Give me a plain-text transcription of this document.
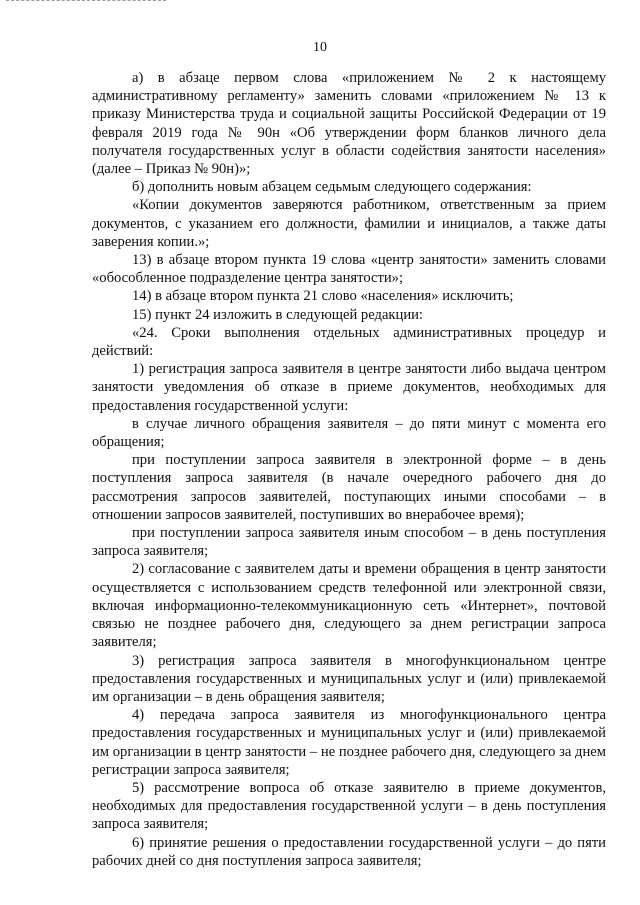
10

а) в абзаце первом слова «приложением № 2 к настоящему административному регламенту» заменить словами «приложением № 13 к приказу Министерства труда и социальной защиты Российской Федерации от 19 февраля 2019 года № 90н «Об утверждении форм бланков личного дела получателя государственных услуг в области содействия занятости населения» (далее – Приказ № 90н)»;

б) дополнить новым абзацем седьмым следующего содержания:

«Копии документов заверяются работником, ответственным за прием документов, с указанием его должности, фамилии и инициалов, а также даты заверения копии.»;

13) в абзаце втором пункта 19 слова «центр занятости» заменить словами «обособленное подразделение центра занятости»;

14) в абзаце втором пункта 21 слово «населения» исключить;

15) пункт 24 изложить в следующей редакции:

«24. Сроки выполнения отдельных административных процедур и действий:

1) регистрация запроса заявителя в центре занятости либо выдача центром занятости уведомления об отказе в приеме документов, необходимых для предоставления государственной услуги:

в случае личного обращения заявителя – до пяти минут с момента его обращения;

при поступлении запроса заявителя в электронной форме – в день поступления запроса заявителя (в начале очередного рабочего дня до рассмотрения запросов заявителей, поступающих иными способами – в отношении запросов заявителей, поступивших во внерабочее время);

при поступлении запроса заявителя иным способом – в день поступления запроса заявителя;

2) согласование с заявителем даты и времени обращения в центр занятости осуществляется с использованием средств телефонной или электронной связи, включая информационно-телекоммуникационную сеть «Интернет», почтовой связью не позднее рабочего дня, следующего за днем регистрации запроса заявителя;

3) регистрация запроса заявителя в многофункциональном центре предоставления государственных и муниципальных услуг и (или) привлекаемой им организации – в день обращения заявителя;

4) передача запроса заявителя из многофункционального центра предоставления государственных и муниципальных услуг и (или) привлекаемой им организации в центр занятости – не позднее рабочего дня, следующего за днем регистрации запроса заявителя;

5) рассмотрение вопроса об отказе заявителю в приеме документов, необходимых для предоставления государственной услуги – в день поступления запроса заявителя;

6) принятие решения о предоставлении государственной услуги – до пяти рабочих дней со дня поступления запроса заявителя;
